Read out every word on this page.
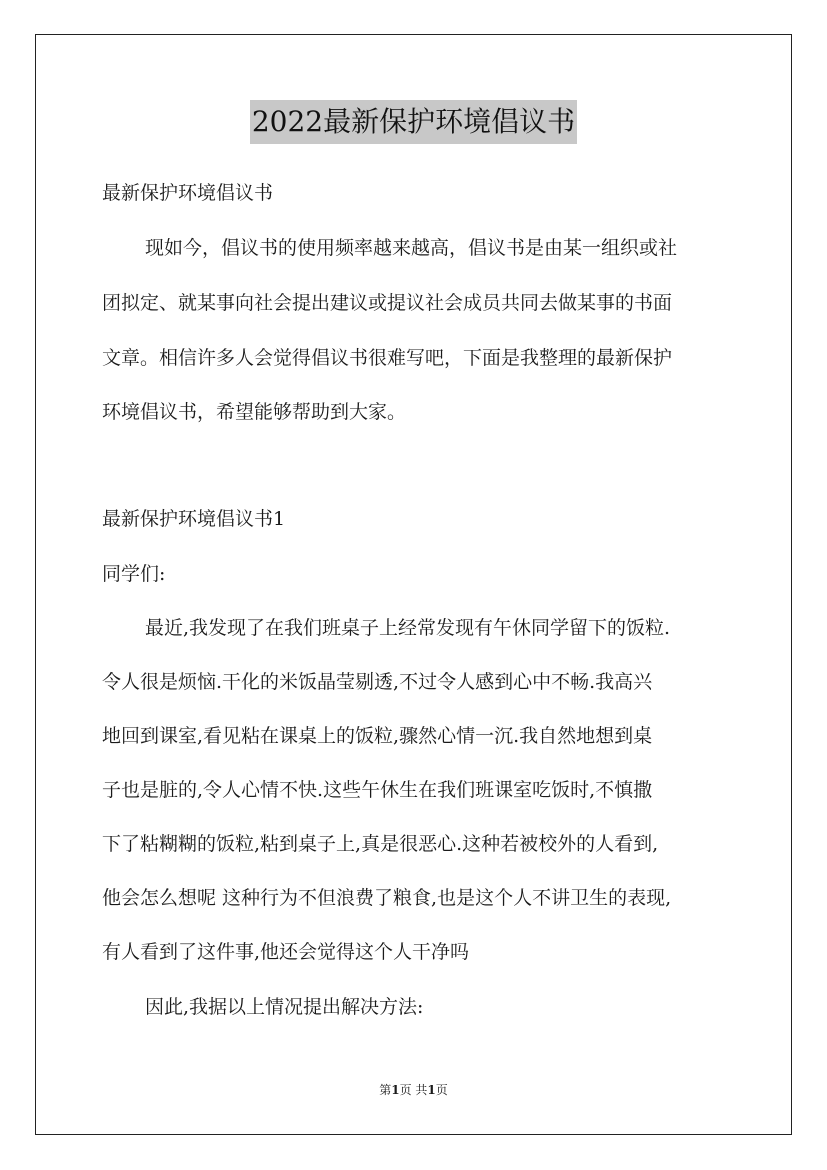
2022最新保护环境倡议书
最新保护环境倡议书
现如今，倡议书的使用频率越来越高，倡议书是由某一组织或社
团拟定、就某事向社会提出建议或提议社会成员共同去做某事的书面
文章。相信许多人会觉得倡议书很难写吧，下面是我整理的最新保护
环境倡议书，希望能够帮助到大家。
最新保护环境倡议书1
同学们:
最近,我发现了在我们班桌子上经常发现有午休同学留下的饭粒.
令人很是烦恼.干化的米饭晶莹剔透,不过令人感到心中不畅.我高兴
地回到课室,看见粘在课桌上的饭粒,骤然心情一沉.我自然地想到桌
子也是脏的,令人心情不快.这些午休生在我们班课室吃饭时,不慎撒
下了粘糊糊的饭粒,粘到桌子上,真是很恶心.这种若被校外的人看到,
他会怎么想呢 这种行为不但浪费了粮食,也是这个人不讲卫生的表现,
有人看到了这件事,他还会觉得这个人干净吗
因此,我据以上情况提出解决方法:
第1页 共1页
